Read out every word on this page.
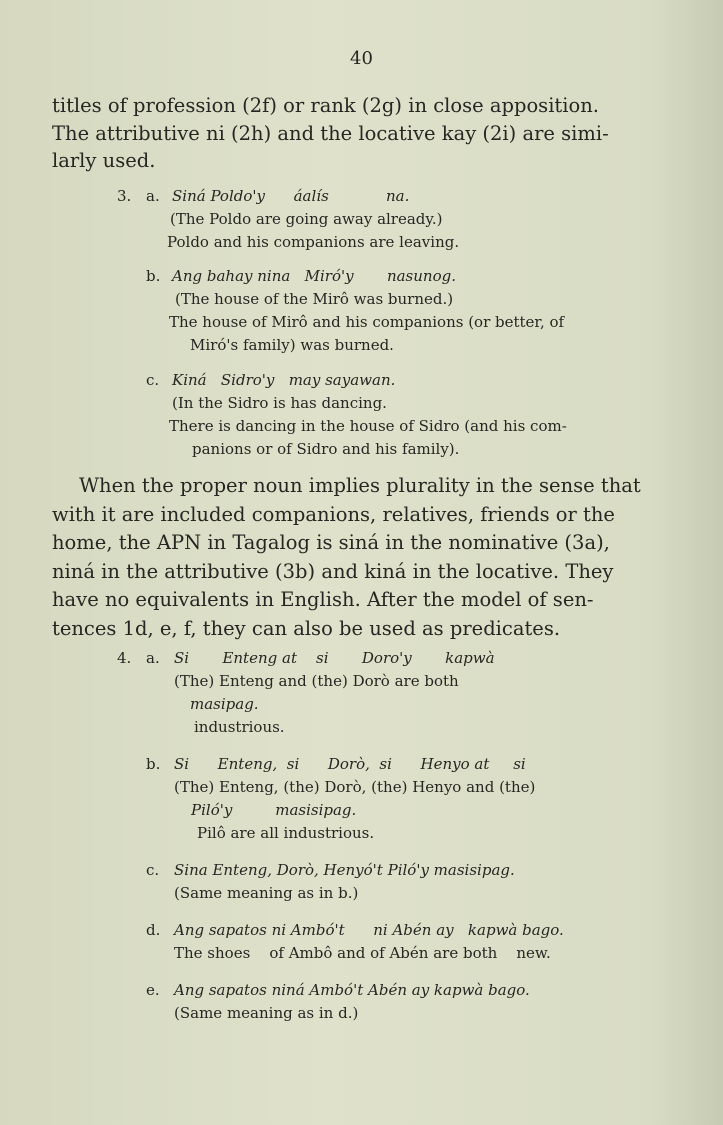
40

titles of profession (2f) or rank (2g) in close apposition.

The attributive ni (2h) and the locative kay (2i) are simi-

larly used.

3. a. Siná Poldo'y      áalís            na.
(The Poldo are going away already.)
Poldo and his companions are leaving.
b. Ang bahay nina   Miró'y       nasunog.
(The house of the Mirô was burned.)
The house of Mirô and his companions (or better, of
Miró's family) was burned.
c. Kiná   Sidro'y   may sayawan.
(In the Sidro is has dancing.
There is dancing in the house of Sidro (and his com-
panions or of Sidro and his family).

When the proper noun implies plurality in the sense that

with it are included companions, relatives, friends or the

home, the APN in Tagalog is siná in the nominative (3a),

niná in the attributive (3b) and kiná in the locative. They

have no equivalents in English. After the model of sen-

tences 1d, e, f, they can also be used as predicates.

4. a. Si       Enteng at    si       Doro'y       kapwà
(The) Enteng and (the) Dorò are both
masipag.
industrious.
b. Si      Enteng,  si      Dorò,  si      Henyo at     si
(The) Enteng, (the) Dorò, (the) Henyo and (the)
Piló'y         masisipag.
Pilô are all industrious.
c. Sina Enteng, Dorò, Henyó't Piló'y masisipag.
(Same meaning as in b.)
d. Ang sapatos ni Ambó't      ni Abén ay   kapwà bago.
The shoes    of Ambô and of Abén are both    new.
e. Ang sapatos niná Ambó't Abén ay kapwà bago.
(Same meaning as in d.)
